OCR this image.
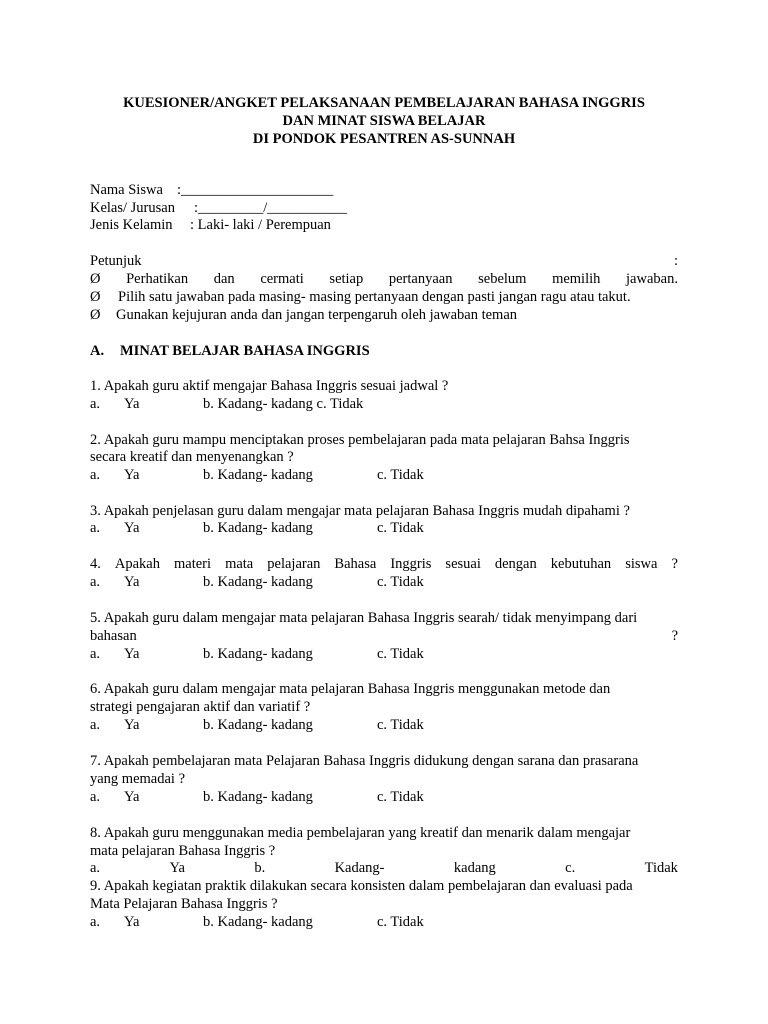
KUESIONER/ANGKET PELAKSANAAN PEMBELAJARAN BAHASA INGGRIS
DAN MINAT SISWA BELAJAR
DI PONDOK PESANTREN AS-SUNNAH
Nama Siswa :_____________________
Kelas/ Jurusan :_________/___________
Jenis Kelamin : Laki- laki / Perempuan
Petunjuk	:
Ø Perhatikan dan cermati setiap pertanyaan sebelum memilih jawaban.
Ø Pilih satu jawaban pada masing- masing pertanyaan dengan pasti jangan ragu atau takut.
Ø Gunakan kejujuran anda dan jangan terpengaruh oleh jawaban teman
A. MINAT BELAJAR BAHASA INGGRIS
1. Apakah guru aktif mengajar Bahasa Inggris sesuai jadwal ?
a. Ya	b. Kadang- kadang c. Tidak
2. Apakah guru mampu menciptakan proses pembelajaran pada mata pelajaran Bahsa Inggris
secara kreatif dan menyenangkan ?
a. Ya	b. Kadang- kadang	c. Tidak
3. Apakah penjelasan guru dalam mengajar mata pelajaran Bahasa Inggris mudah dipahami ?
a. Ya	b. Kadang- kadang	c. Tidak
4. Apakah materi mata pelajaran Bahasa Inggris sesuai dengan kebutuhan siswa ?
a. Ya	b. Kadang- kadang	c. Tidak
5. Apakah guru dalam mengajar mata pelajaran Bahasa Inggris searah/ tidak menyimpang dari
bahasan	?
a. Ya	b. Kadang- kadang	c. Tidak
6. Apakah guru dalam mengajar mata pelajaran Bahasa Inggris menggunakan metode dan
strategi pengajaran aktif dan variatif ?
a. Ya	b. Kadang- kadang	c. Tidak
7. Apakah pembelajaran mata Pelajaran Bahasa Inggris didukung dengan sarana dan prasarana
yang memadai ?
a. Ya	b. Kadang- kadang	c. Tidak
8. Apakah guru menggunakan media pembelajaran yang kreatif dan menarik dalam mengajar
mata pelajaran Bahasa Inggris ?
a.	Ya	b.	Kadang-	kadang	c.	Tidak
9. Apakah kegiatan praktik dilakukan secara konsisten dalam pembelajaran dan evaluasi pada
Mata Pelajaran Bahasa Inggris ?
a. Ya	b. Kadang- kadang	c. Tidak
